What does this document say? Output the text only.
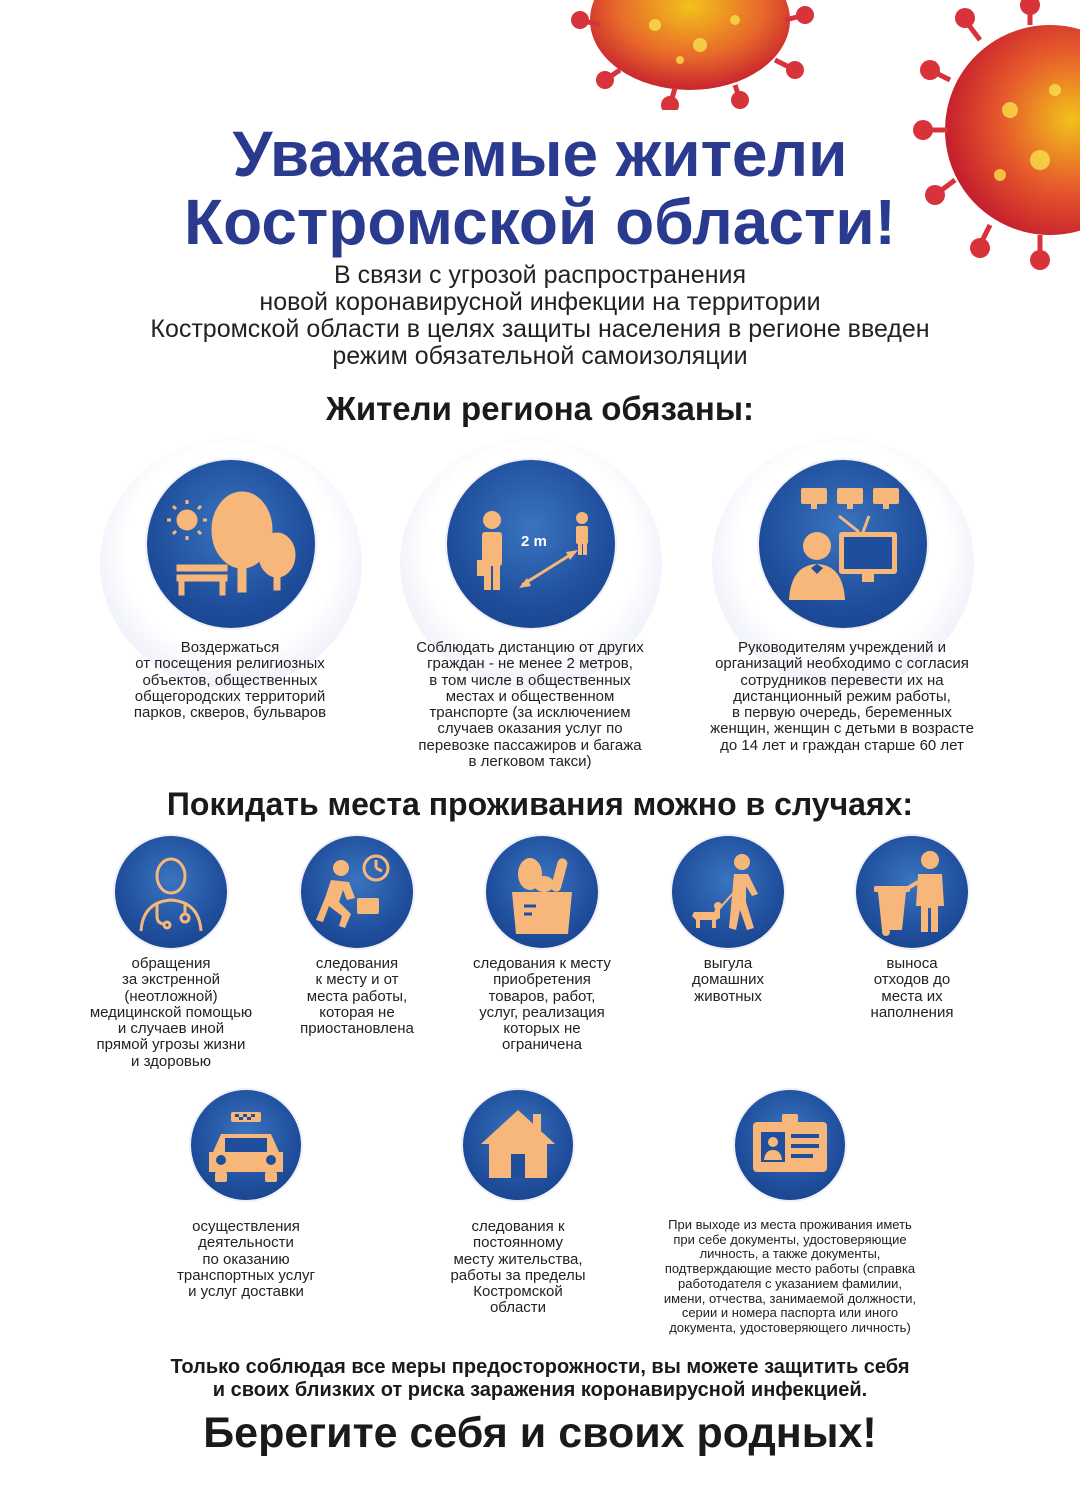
Уважаемые жители
Костромской области!
В связи с угрозой распространения
новой коронавирусной инфекции на территории
Костромской области в целях защиты населения в регионе введен
режим обязательной самоизоляции
Жители региона обязаны:
2 m
Воздержаться
от посещения религиозных
объектов, общественных
общегородских территорий
парков, скверов, бульваров
Соблюдать дистанцию от других
граждан - не менее 2 метров,
в том числе в общественных
местах и общественном
транспорте (за исключением
случаев оказания услуг по
перевозке пассажиров и багажа
в легковом такси)
Руководителям учреждений и
организаций необходимо с согласия
сотрудников перевести их на
дистанционный режим работы,
в первую очередь, беременных
женщин, женщин с детьми в возрасте
до 14 лет и граждан старше 60 лет
Покидать места проживания можно в случаях:
обращения
за экстренной
(неотложной)
медицинской помощью
и случаев иной
прямой угрозы жизни
и здоровью
следования
к месту и от
места работы,
которая не
приостановлена
следования к месту
приобретения
товаров, работ,
услуг, реализация
которых не
ограничена
выгула
домашних
животных
выноса
отходов до
места их
наполнения
осуществления
деятельности
по оказанию
транспортных услуг
и услуг доставки
следования к
постоянному
месту жительства,
работы за пределы
Костромской
области
При выходе из места проживания иметь
при себе документы, удостоверяющие
личность, а также документы,
подтверждающие место работы (справка
работодателя с указанием фамилии,
имени, отчества, занимаемой должности,
серии и номера паспорта или иного
документа, удостоверяющего личность)
Только соблюдая все меры предосторожности, вы можете защитить себя
и своих близких от риска заражения коронавирусной инфекцией.
Берегите себя и своих родных!
